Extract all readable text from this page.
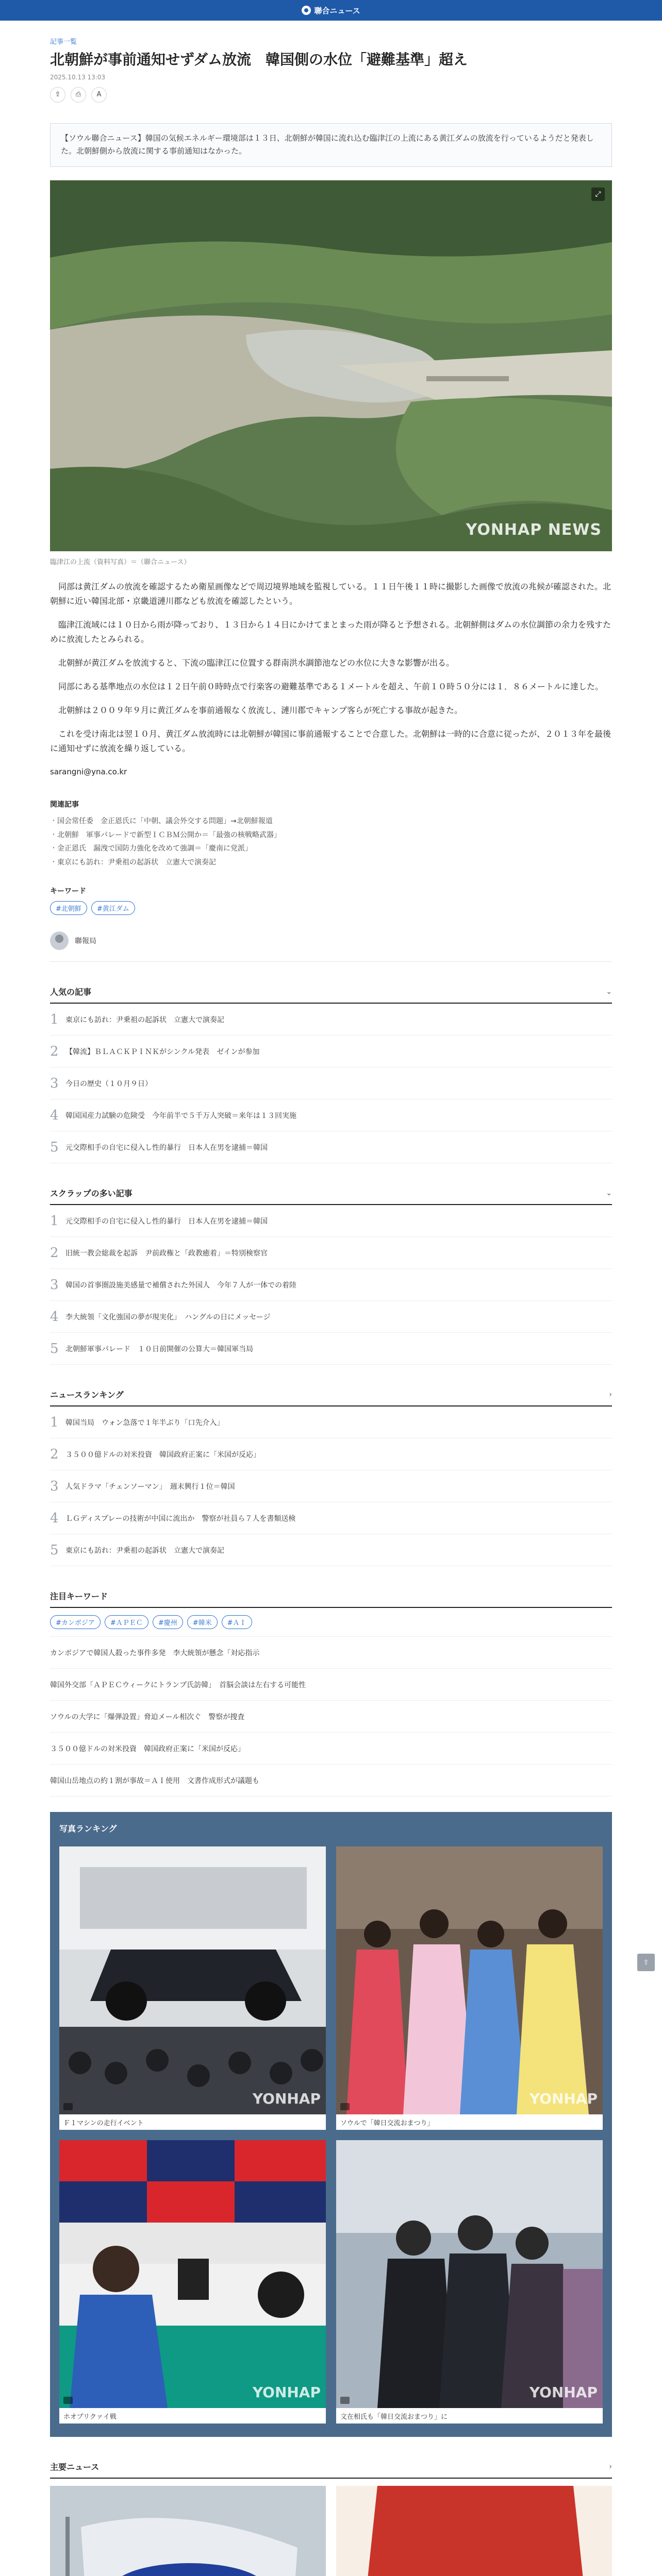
聯合ニュース
記事一覧
北朝鮮が事前通知せずダム放流　韓国側の水位「避難基準」超え
2025.10.13 13:03
⇪	⎙	A
【ソウル聯合ニュース】韓国の気候エネルギー環境部は１３日、北朝鮮が韓国に流れ込む臨津江の上流にある黄江ダムの放流を行っているようだと発表した。北朝鮮側から放流に関する事前通知はなかった。
⤢
YONHAP NEWS
臨津江の上流（資料写真）＝（聯合ニュース）

同部は黄江ダムの放流を確認するため衛星画像などで周辺境界地域を監視している。１１日午後１１時に撮影した画像で放流の兆候が確認された。北朝鮮に近い韓国北部・京畿道漣川郡なども放流を確認したという。

臨津江流域には１０日から雨が降っており、１３日から１４日にかけてまとまった雨が降ると予想される。北朝鮮側はダムの水位調節の余力を残すために放流したとみられる。

北朝鮮が黄江ダムを放流すると、下流の臨津江に位置する群南洪水調節池などの水位に大きな影響が出る。

同部にある基準地点の水位は１２日午前０時時点で行楽客の避難基準である１メートルを超え、午前１０時５０分には１．８６メートルに達した。

北朝鮮は２００９年９月に黄江ダムを事前通報なく放流し、漣川郡でキャンプ客らが死亡する事故が起きた。

これを受け南北は翌１０月、黄江ダム放流時には北朝鮮が韓国に事前通報することで合意した。北朝鮮は一時的に合意に従ったが、２０１３年を最後に通知せずに放流を繰り返している。

sarangni@yna.co.kr
関連記事
・ 国会常任委　金正恩氏に「中朝、議会外交する問題」→北朝鮮報道
・ 北朝鮮　軍事パレードで新型ＩＣＢＭ公開か＝「最強の核戦略武器」
・ 金正恩氏　漏洩で国防力強化を改めて強調＝「慶南に党派」
・ 東京にも訪れ：尹乗祖の起訴状　立憲大で演奏記
キーワード
#北朝鮮	#黄江ダム
聯報局
人気の記事	⌄
1 東京にも訪れ：尹乗祖の起訴状　立憲大で演奏記
2 【韓流】ＢＬＡＣＫＰＩＮＫがシンクル発表　ゼインが参加
3 今日の歴史（１０月９日）
4 韓国国産力試験の危険受　今年前半で５千万人突破＝来年は１３回実施
5 元交際相手の自宅に侵入し性的暴行　日本人在男を逮捕＝韓国
スクラップの多い記事	⌄
1 元交際相手の自宅に侵入し性的暴行　日本人在男を逮捕＝韓国
2 旧統一教会総裁を起訴　尹前政権と「政教癒着」＝特別検察官
3 韓国の首事圏設施美感量で補償された外国人　今年７人が一体での着陸
4 李大統領「文化強国の夢が現実化」　ハングルの日にメッセージ
5 北朝鮮軍事パレード　１０日前開催の公算大＝韓国軍当局
ニュースランキング	›
1 韓国当局　ウォン急落で１年半ぶり「口先介入」
2 ３５００億ドルの対米投資　韓国政府正案に「米国が反応」
3 人気ドラマ「チェンソーマン」　週末興行１位＝韓国
4 ＬＧディスプレーの技術が中国に流出か　警察が社員ら７人を書類送検
5 東京にも訪れ：尹乗祖の起訴状　立憲大で演奏記
注目キーワード
#カンボジア	#ＡＰＥＣ	#慶州	#韓米	#ＡＩ
カンボジアで韓国人殺った事件多発　李大統領が懸念「対応指示
韓国外交部「ＡＰＥＣウィークにトランプ氏訪韓」　首脳会談は左右する可能性
ソウルの大学に「爆弾設置」脅迫メール相次ぐ　警察が捜査
３５００億ドルの対米投資　韓国政府正案に「米国が反応」
韓国山岳地点の約１割が事故＝ＡＩ使用　文書作成形式が議題も
写真ランキング
YONHAP
Ｆ１マシンの走行イベント
YONHAP
ソウルで「韓日交流おまつり」
YONHAP
ホオプリクァイ戦
YONHAP
文在相氏も「韓日交流おまつり」に
主要ニュース	›
⇧
